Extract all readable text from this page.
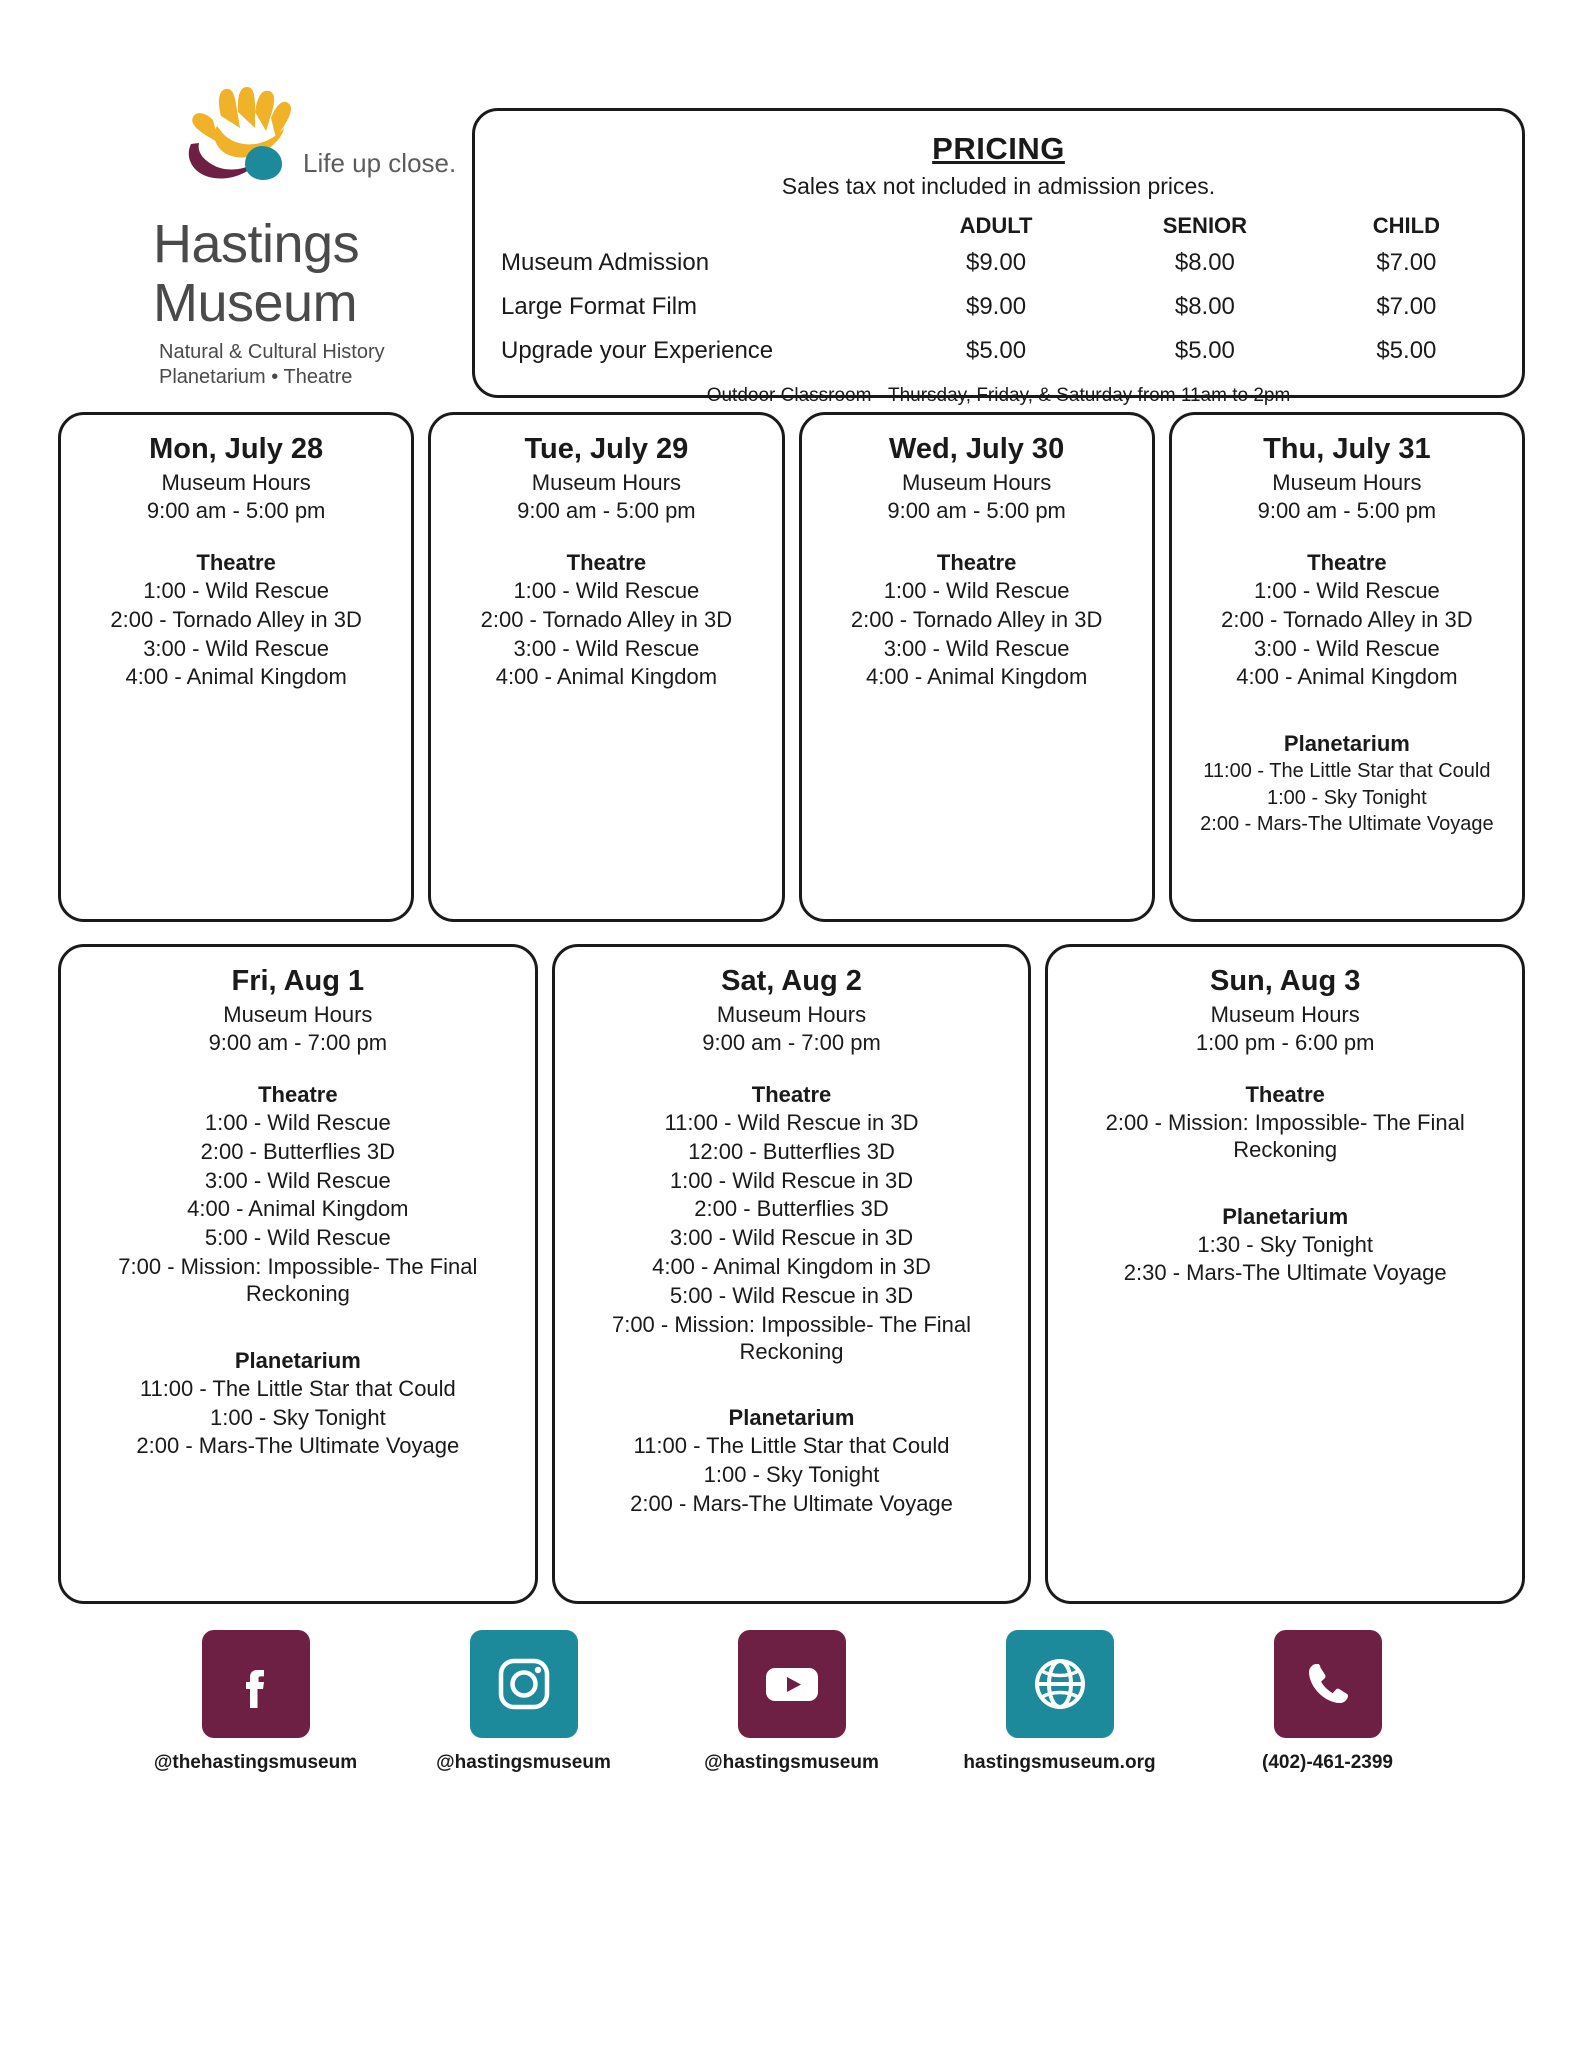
Life up close.
Hastings
Museum
Natural & Cultural History
Planetarium • Theatre
PRICING
Sales tax not included in admission prices.
	ADULT	SENIOR	CHILD
Museum Admission	$9.00	$8.00	$7.00
Large Format Film	$9.00	$8.00	$7.00
Upgrade your Experience	$5.00	$5.00	$5.00
Outdoor Classroom - Thursday, Friday, & Saturday from 11am to 2pm
Mon, July 28
Museum Hours
9:00 am - 5:00 pm
Theatre
1:00 - Wild Rescue
2:00 - Tornado Alley in 3D
3:00 - Wild Rescue
4:00 - Animal Kingdom
Tue, July 29
Museum Hours
9:00 am - 5:00 pm
Theatre
1:00 - Wild Rescue
2:00 - Tornado Alley in 3D
3:00 - Wild Rescue
4:00 - Animal Kingdom
Wed, July 30
Museum Hours
9:00 am - 5:00 pm
Theatre
1:00 - Wild Rescue
2:00 - Tornado Alley in 3D
3:00 - Wild Rescue
4:00 - Animal Kingdom
Thu, July 31
Museum Hours
9:00 am - 5:00 pm
Theatre
1:00 - Wild Rescue
2:00 - Tornado Alley in 3D
3:00 - Wild Rescue
4:00 - Animal Kingdom
Planetarium
11:00 - The Little Star that Could
1:00 - Sky Tonight
2:00 - Mars-The Ultimate Voyage
Fri, Aug 1
Museum Hours
9:00 am - 7:00 pm
Theatre
1:00 - Wild Rescue
2:00 - Butterflies 3D
3:00 - Wild Rescue
4:00 - Animal Kingdom
5:00 - Wild Rescue
7:00 - Mission: Impossible- The Final Reckoning
Planetarium
11:00 - The Little Star that Could
1:00 - Sky Tonight
2:00 - Mars-The Ultimate Voyage
Sat, Aug 2
Museum Hours
9:00 am - 7:00 pm
Theatre
11:00 - Wild Rescue in 3D
12:00 - Butterflies 3D
1:00 - Wild Rescue in 3D
2:00 - Butterflies 3D
3:00 - Wild Rescue in 3D
4:00 - Animal Kingdom in 3D
5:00 - Wild Rescue in 3D
7:00 - Mission: Impossible- The Final Reckoning
Planetarium
11:00 - The Little Star that Could
1:00 - Sky Tonight
2:00 - Mars-The Ultimate Voyage
Sun, Aug 3
Museum Hours
1:00 pm - 6:00 pm
Theatre
2:00 - Mission: Impossible- The Final Reckoning
Planetarium
1:30 - Sky Tonight
2:30 - Mars-The Ultimate Voyage
@thehastingsmuseum	@hastingsmuseum	@hastingsmuseum	hastingsmuseum.org	(402)-461-2399
